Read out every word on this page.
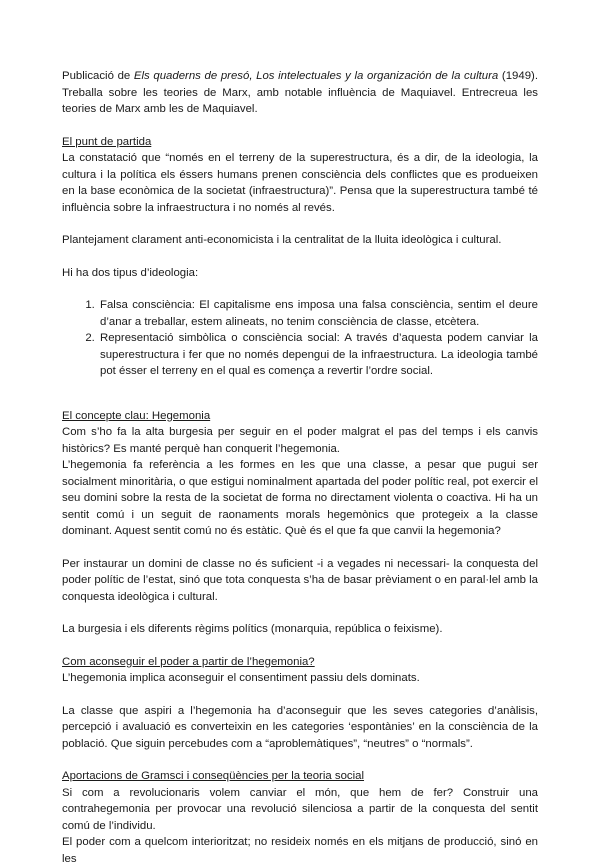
Publicació de Els quaderns de presó, Los intelectuales y la organización de la cultura (1949). Treballa sobre les teories de Marx, amb notable influència de Maquiavel. Entrecreua les teories de Marx amb les de Maquiavel.

El punt de partida

La constatació que “només en el terreny de la superestructura, és a dir, de la ideologia, la cultura i la política els éssers humans prenen consciència dels conflictes que es produeixen en la base econòmica de la societat (infraestructura)”. Pensa que la superestructura també té influència sobre la infraestructura i no només al revés.

Plantejament clarament anti-economicista i la centralitat de la lluita ideològica i cultural.

Hi ha dos tipus d’ideologia:

1. Falsa consciència: El capitalisme ens imposa una falsa consciència, sentim el deure d’anar a treballar, estem alineats, no tenim consciència de classe, etcètera.
2. Representació simbòlica o consciència social: A través d’aquesta podem canviar la superestructura i fer que no només depengui de la infraestructura. La ideologia també pot ésser el terreny en el qual es comença a revertir l’ordre social.

El concepte clau: Hegemonia

Com s’ho fa la alta burgesia per seguir en el poder malgrat el pas del temps i els canvis històrics? Es manté perquè han conquerit l’hegemonia.

L’hegemonia fa referència a les formes en les que una classe, a pesar que pugui ser socialment minoritària, o que estigui nominalment apartada del poder polític real, pot exercir el seu domini sobre la resta de la societat de forma no directament violenta o coactiva. Hi ha un sentit comú i un seguit de raonaments morals hegemònics que protegeix a la classe dominant. Aquest sentit comú no és estàtic. Què és el que fa que canvii la hegemonia?

Per instaurar un domini de classe no és suficient -i a vegades ni necessari- la conquesta del poder polític de l’estat, sinó que tota conquesta s’ha de basar prèviament o en paral·lel amb la conquesta ideològica i cultural.

La burgesia i els diferents règims polítics (monarquia, república o feixisme).

Com aconseguir el poder a partir de l’hegemonia?

L’hegemonia implica aconseguir el consentiment passiu dels dominats.

La classe que aspiri a l’hegemonia ha d’aconseguir que les seves categories d’anàlisis, percepció i avaluació es converteixin en les categories ‘espontànies’ en la consciència de la població. Que siguin percebudes com a “aproblemàtiques”, “neutres” o “normals”.

Aportacions de Gramsci i conseqüències per la teoria social

Si com a revolucionaris volem canviar el món, que hem de fer? Construir una contrahegemonia per provocar una revolució silenciosa a partir de la conquesta del sentit comú de l’individu.

El poder com a quelcom interioritzat; no resideix només en els mitjans de producció, sinó en les
